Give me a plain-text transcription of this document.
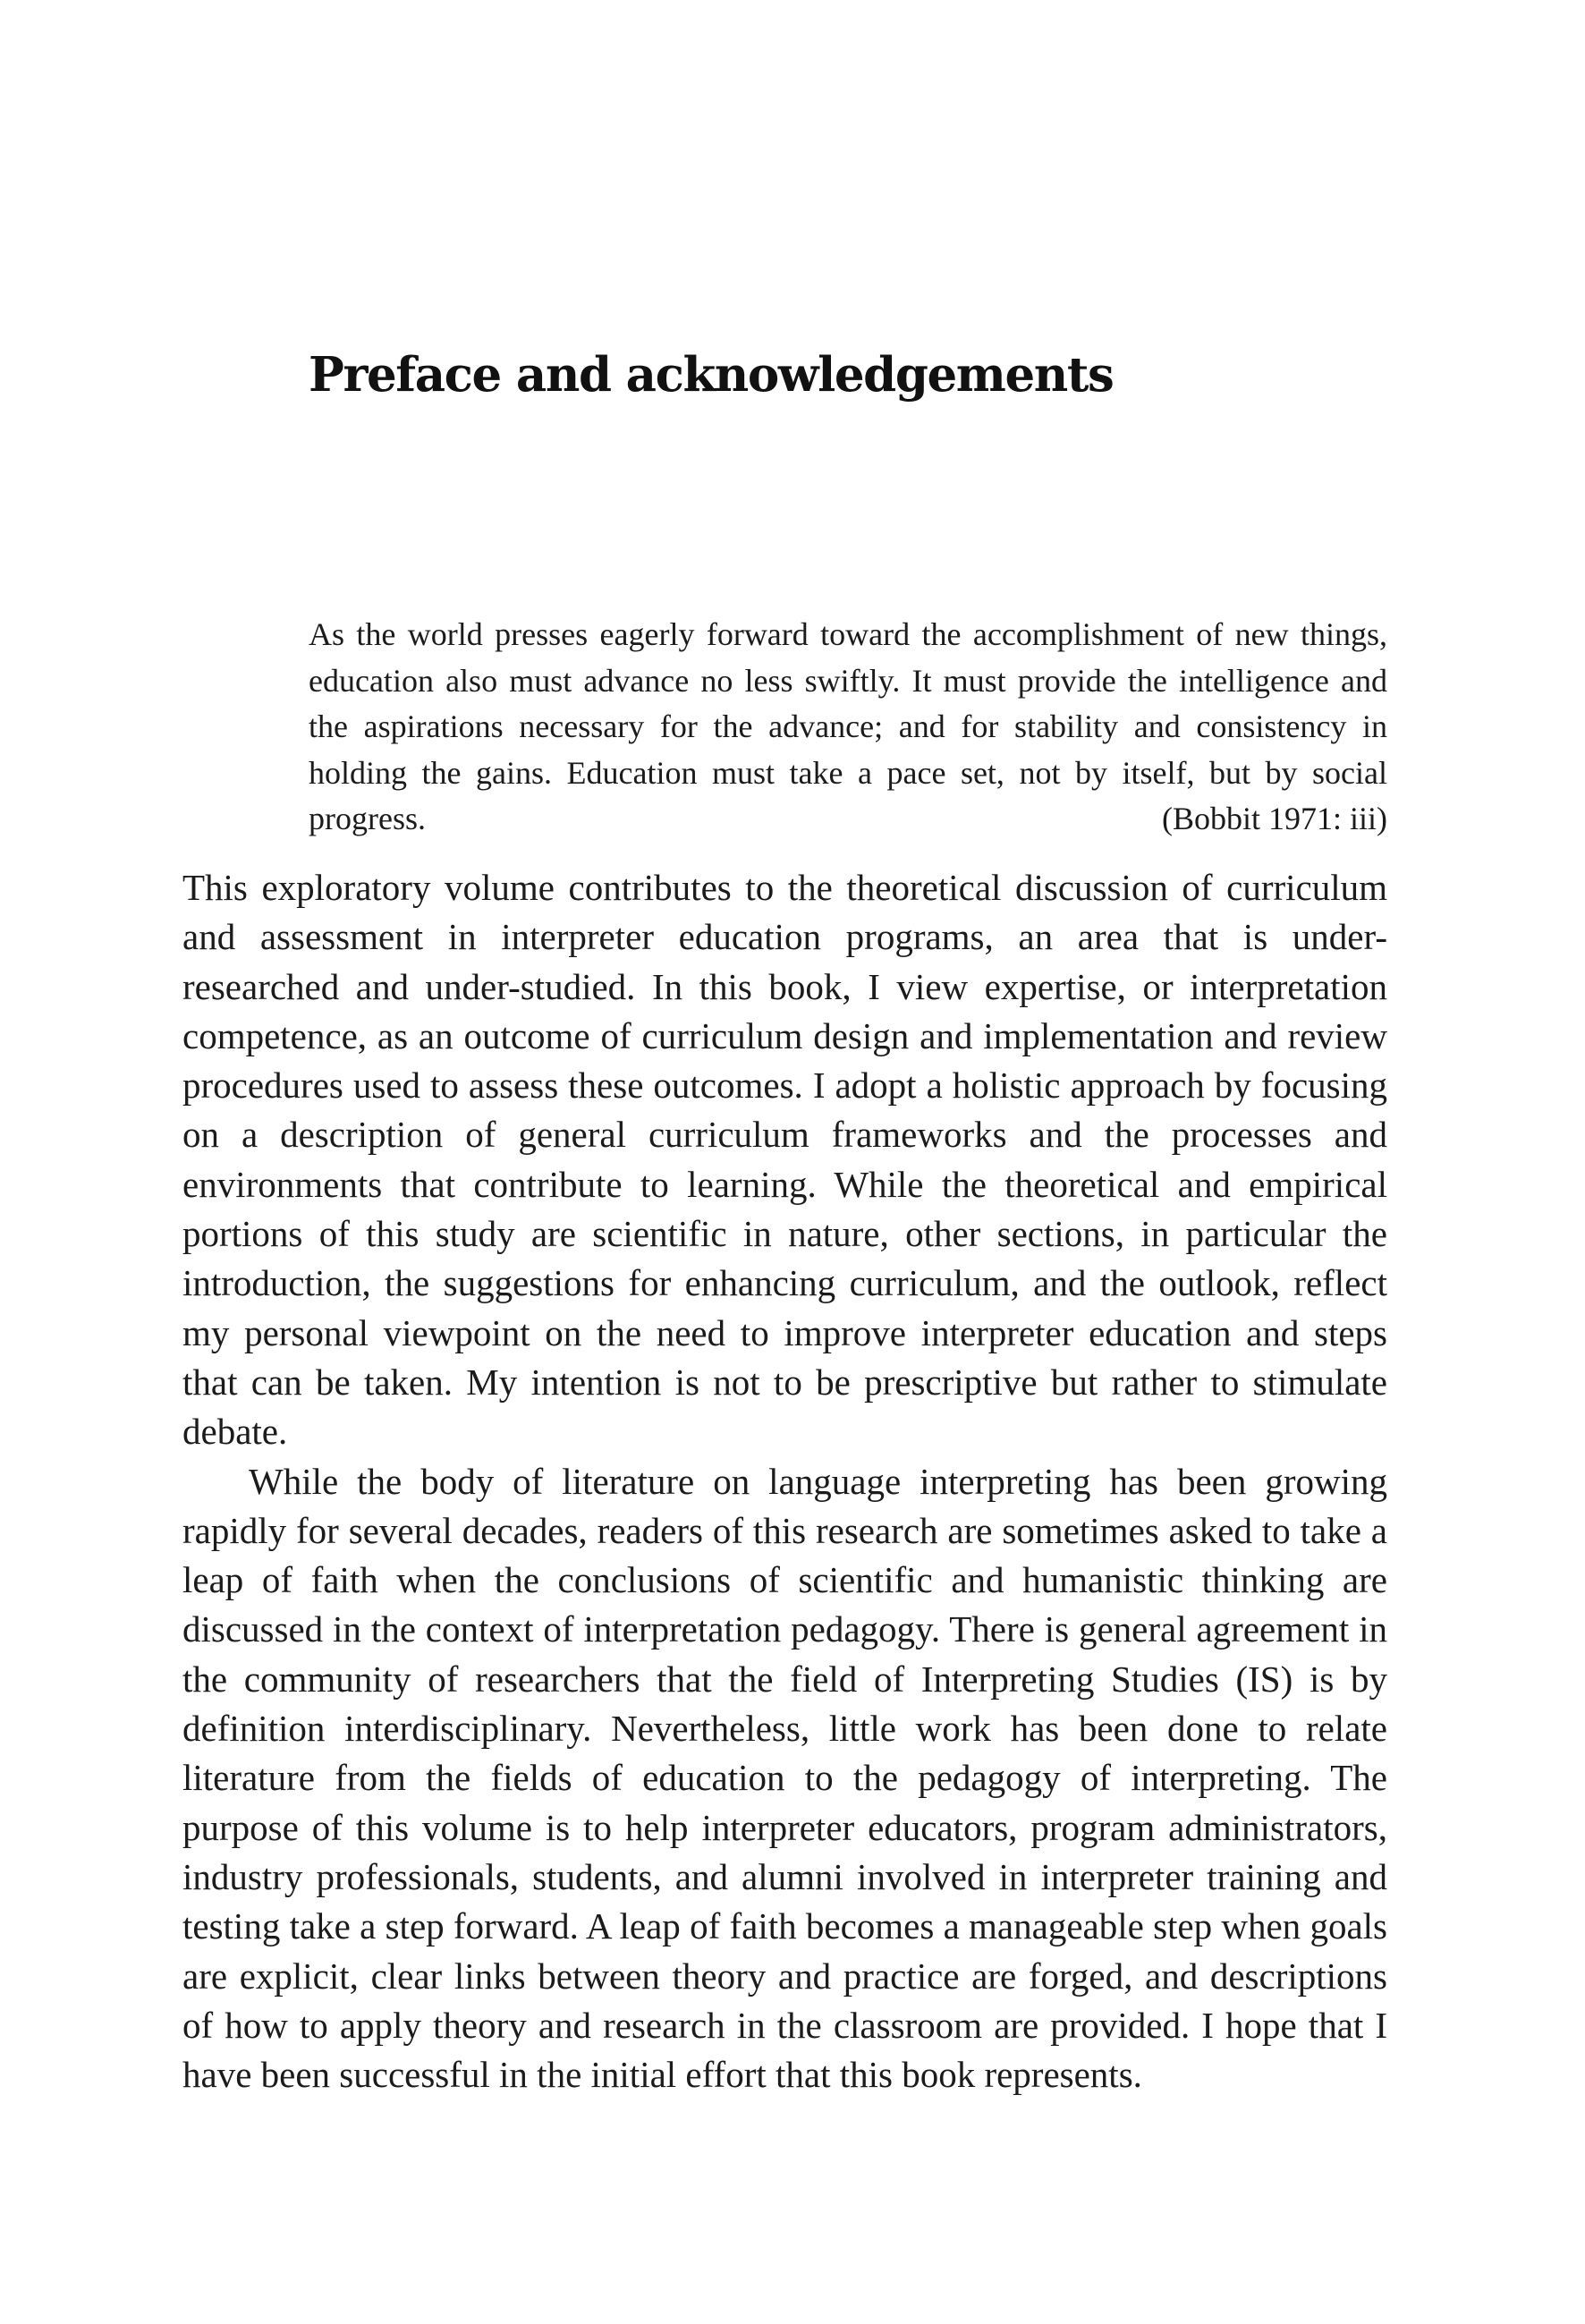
Preface and acknowledgements

As the world presses eagerly forward toward the accomplishment of new things, education also must advance no less swiftly. It must provide the intelligence and the aspirations necessary for the advance; and for stability and consistency in holding the gains. Education must take a pace set, not by itself, but by social progress.	(Bobbit 1971: iii)

This exploratory volume contributes to the theoretical discussion of curriculum and assessment in interpreter education programs, an area that is under-researched and under-studied. In this book, I view expertise, or interpretation competence, as an outcome of curriculum design and implementation and review procedures used to assess these outcomes. I adopt a holistic approach by focusing on a description of general curriculum frameworks and the processes and environments that contribute to learning. While the theoretical and empirical portions of this study are scientific in nature, other sections, in particular the introduction, the suggestions for enhancing curriculum, and the outlook, reflect my personal viewpoint on the need to improve interpreter education and steps that can be taken. My intention is not to be prescriptive but rather to stimulate debate.

While the body of literature on language interpreting has been growing rapidly for several decades, readers of this research are sometimes asked to take a leap of faith when the conclusions of scientific and humanistic thinking are discussed in the context of interpretation pedagogy. There is general agreement in the community of researchers that the field of Interpreting Studies (IS) is by definition interdisciplinary. Nevertheless, little work has been done to relate literature from the fields of education to the pedagogy of interpreting. The purpose of this volume is to help interpreter educators, program administrators, industry professionals, students, and alumni involved in interpreter training and testing take a step forward. A leap of faith becomes a manageable step when goals are explicit, clear links between theory and practice are forged, and descriptions of how to apply theory and research in the classroom are provided. I hope that I have been successful in the initial effort that this book represents.
